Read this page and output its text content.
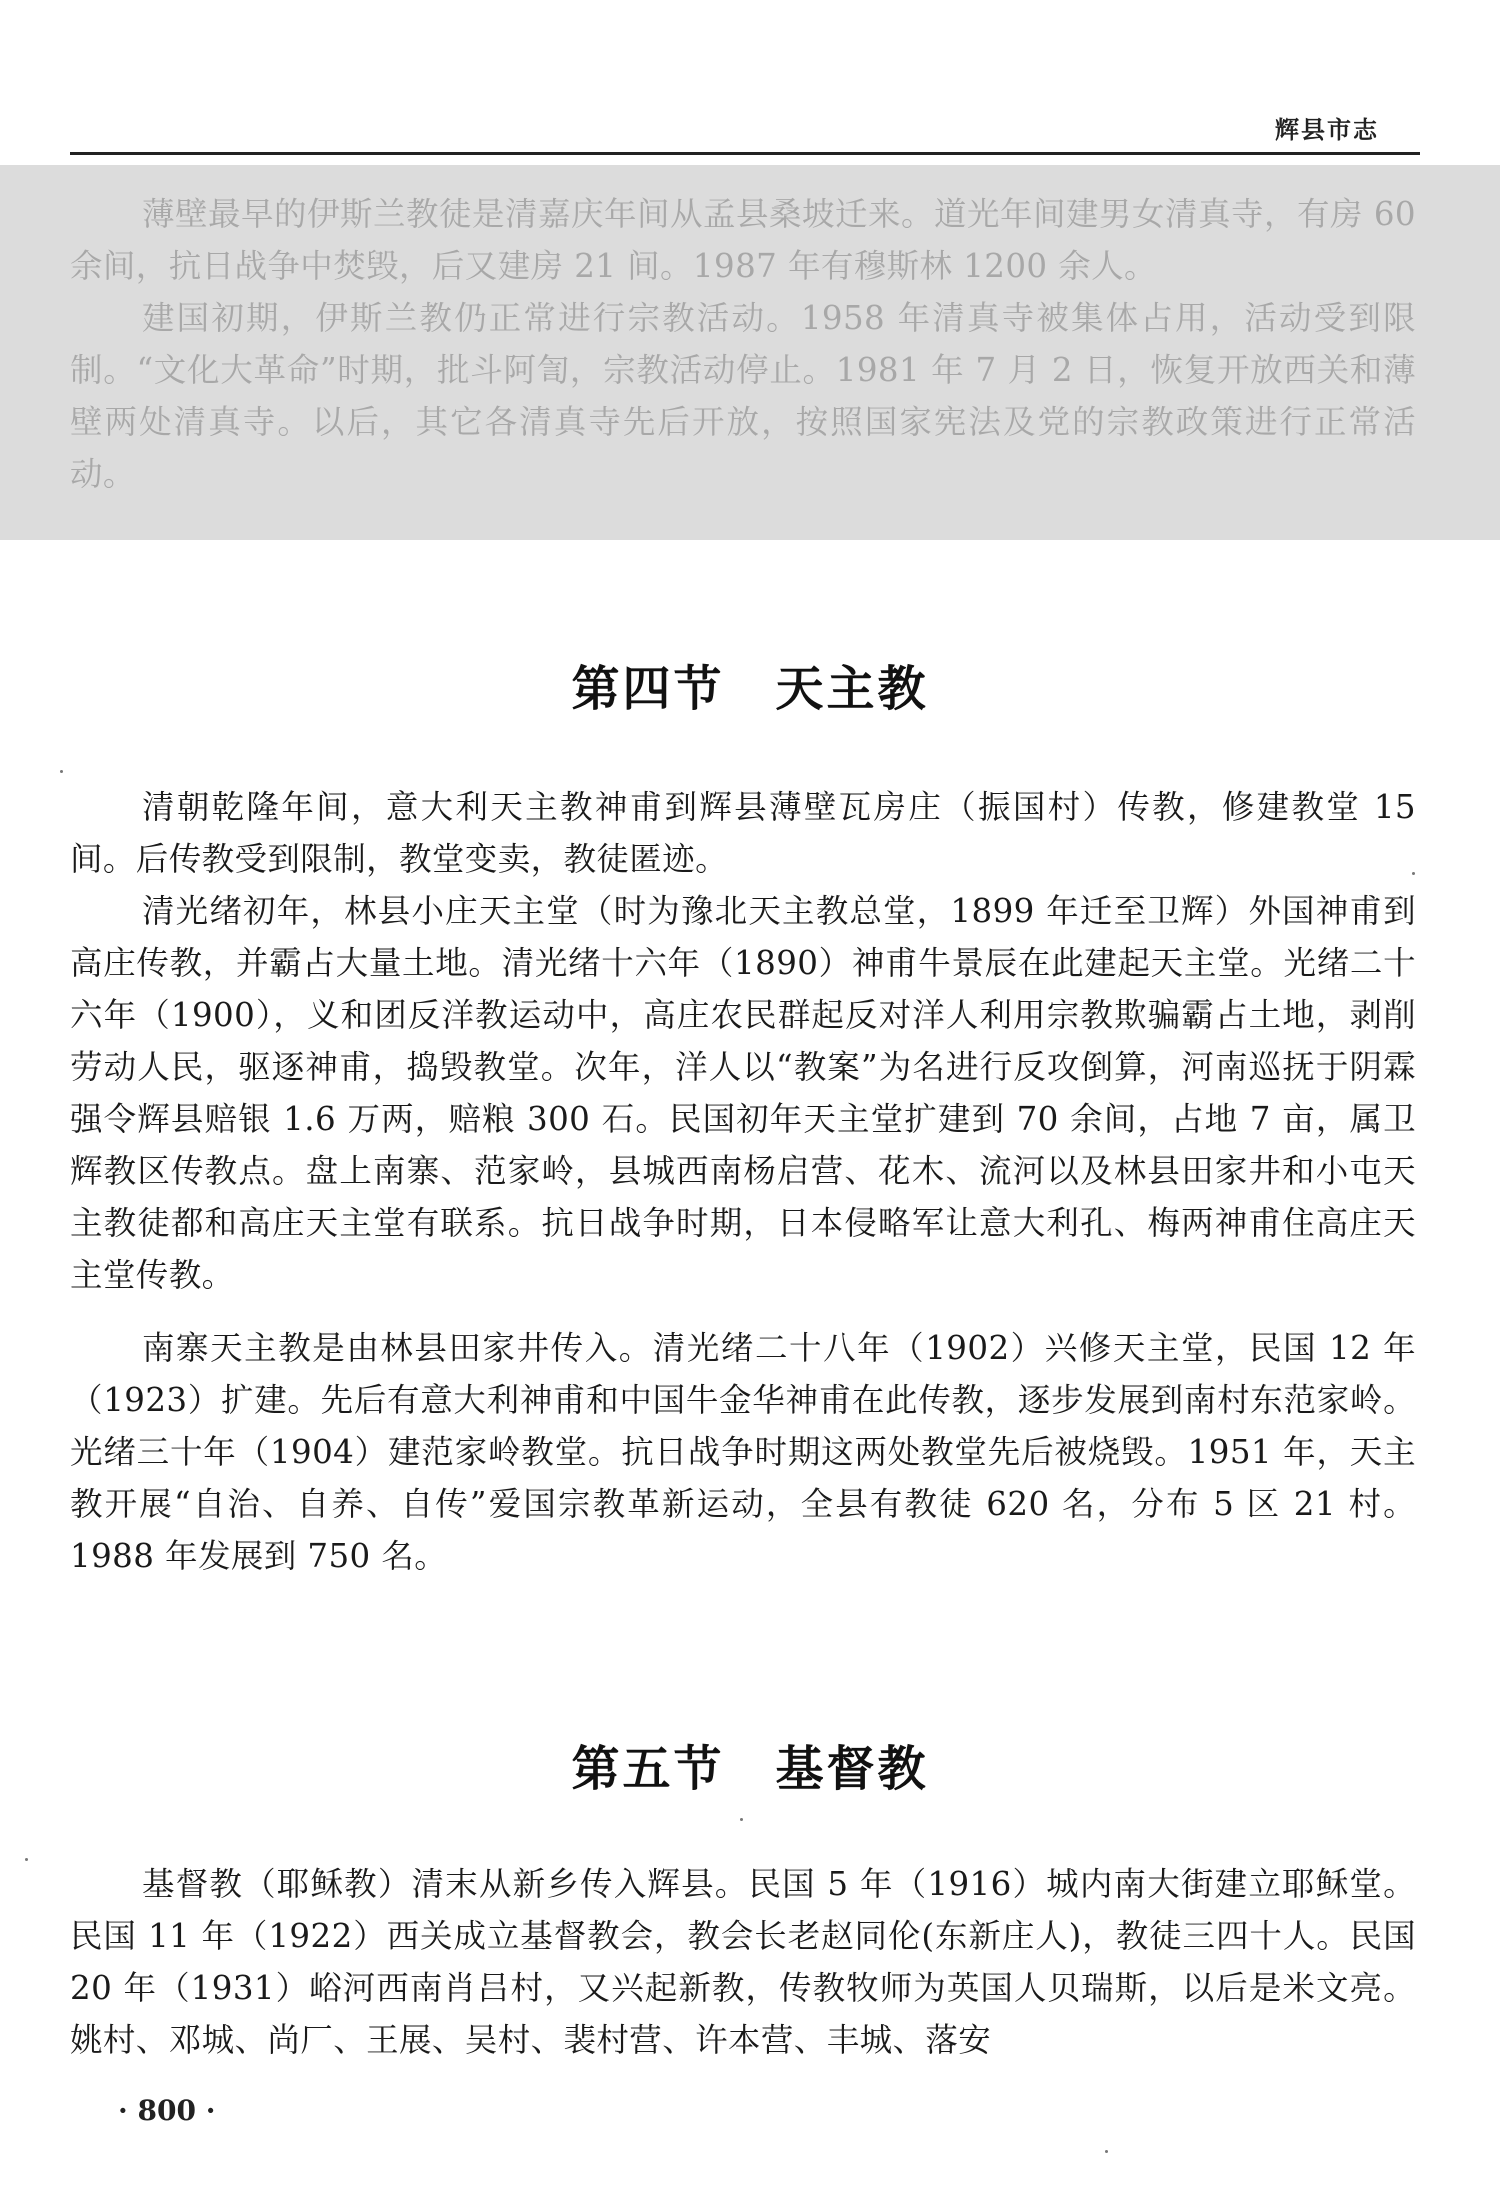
辉县市志

薄壁最早的伊斯兰教徒是清嘉庆年间从孟县桑坡迁来。道光年间建男女清真寺，有房 60 余间，抗日战争中焚毁，后又建房 21 间。1987 年有穆斯林 1200 余人。

建国初期，伊斯兰教仍正常进行宗教活动。1958 年清真寺被集体占用，活动受到限制。“文化大革命”时期，批斗阿訇，宗教活动停止。1981 年 7 月 2 日，恢复开放西关和薄壁两处清真寺。以后，其它各清真寺先后开放，按照国家宪法及党的宗教政策进行正常活动。

第四节　天主教

清朝乾隆年间，意大利天主教神甫到辉县薄壁瓦房庄（振国村）传教，修建教堂 15 间。后传教受到限制，教堂变卖，教徒匿迹。

清光绪初年，林县小庄天主堂（时为豫北天主教总堂，1899 年迁至卫辉）外国神甫到高庄传教，并霸占大量土地。清光绪十六年（1890）神甫牛景辰在此建起天主堂。光绪二十六年（1900），义和团反洋教运动中，高庄农民群起反对洋人利用宗教欺骗霸占土地，剥削劳动人民，驱逐神甫，捣毁教堂。次年，洋人以“教案”为名进行反攻倒算，河南巡抚于阴霖强令辉县赔银 1.6 万两，赔粮 300 石。民国初年天主堂扩建到 70 余间，占地 7 亩，属卫辉教区传教点。盘上南寨、范家岭，县城西南杨启营、花木、流河以及林县田家井和小屯天主教徒都和高庄天主堂有联系。抗日战争时期，日本侵略军让意大利孔、梅两神甫住高庄天主堂传教。

南寨天主教是由林县田家井传入。清光绪二十八年（1902）兴修天主堂，民国 12 年（1923）扩建。先后有意大利神甫和中国牛金华神甫在此传教，逐步发展到南村东范家岭。光绪三十年（1904）建范家岭教堂。抗日战争时期这两处教堂先后被烧毁。1951 年，天主教开展“自治、自养、自传”爱国宗教革新运动，全县有教徒 620 名，分布 5 区 21 村。1988 年发展到 750 名。

第五节　基督教

基督教（耶稣教）清末从新乡传入辉县。民国 5 年（1916）城内南大街建立耶稣堂。民国 11 年（1922）西关成立基督教会，教会长老赵同伦(东新庄人)，教徒三四十人。民国 20 年（1931）峪河西南肖吕村，又兴起新教，传教牧师为英国人贝瑞斯，以后是米文亮。姚村、邓城、尚厂、王展、吴村、裴村营、许本营、丰城、落安

· 800 ·
